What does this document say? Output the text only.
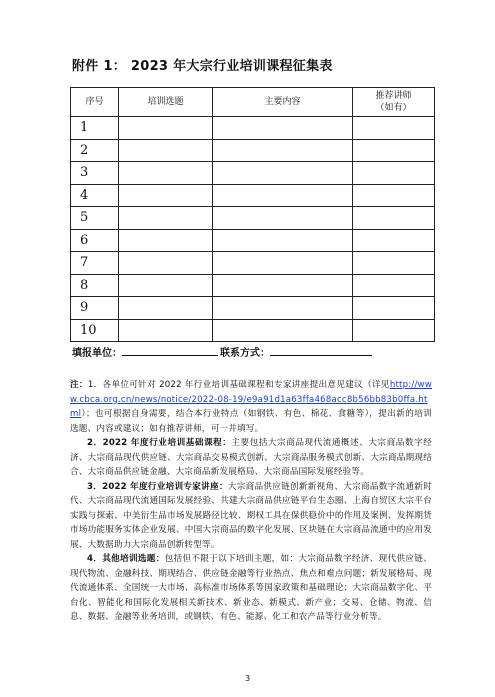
附件 1： 2023 年大宗行业培训课程征集表
序号	培训选题	主要内容	推荐讲师
（如有）
1			
2			
3			
4			
5			
6			
7			
8			
9			
10			
填报单位：	联系方式：

注：1．各单位可针对 2022 年行业培训基础课程和专家讲座提出意见建议（详见http://www.cbca.org.cn/news/notice/2022-08-19/e9a91d1a63ffa468acc8b56bb83b0ffa.html）；也可根据自身需要，结合本行业特点（如钢铁、有色、棉花、食糖等），提出新的培训选题、内容或建议；如有推荐讲师，可一并填写。

2．2022 年度行业培训基础课程：主要包括大宗商品现代流通概述、大宗商品数字经济、大宗商品现代供应链、大宗商品交易模式创新、大宗商品服务模式创新、大宗商品期现结合、大宗商品供应链金融、大宗商品新发展格局、大宗商品国际发展经验等。

3．2022 年度行业培训专家讲座：大宗商品供应链创新新视角、大宗商品数字流通新时代、大宗商品现代流通国际发展经验、共建大宗商品供应链平台生态圈、上海自贸区大宗平台实践与探索、中美衍生品市场发展路径比较、期权工具在保供稳价中的作用及案例、发挥期货市场功能服务实体企业发展、中国大宗商品的数字化发展、区块链在大宗商品流通中的应用发展、大数据助力大宗商品创新转型等。

4．其他培训选题：包括但不限于以下培训主题，如：大宗商品数字经济、现代供应链、现代物流、金融科技、期现结合、供应链金融等行业热点、焦点和难点问题；新发展格局、现代流通体系、全国统一大市场、高标准市场体系等国家政策和基础理论；大宗商品数字化、平台化、智能化和国际化发展相关新技术、新业态、新模式、新产业；交易、仓储、物流、信息、数据、金融等业务培训，或钢铁、有色、能源、化工和农产品等行业分析等。

3
